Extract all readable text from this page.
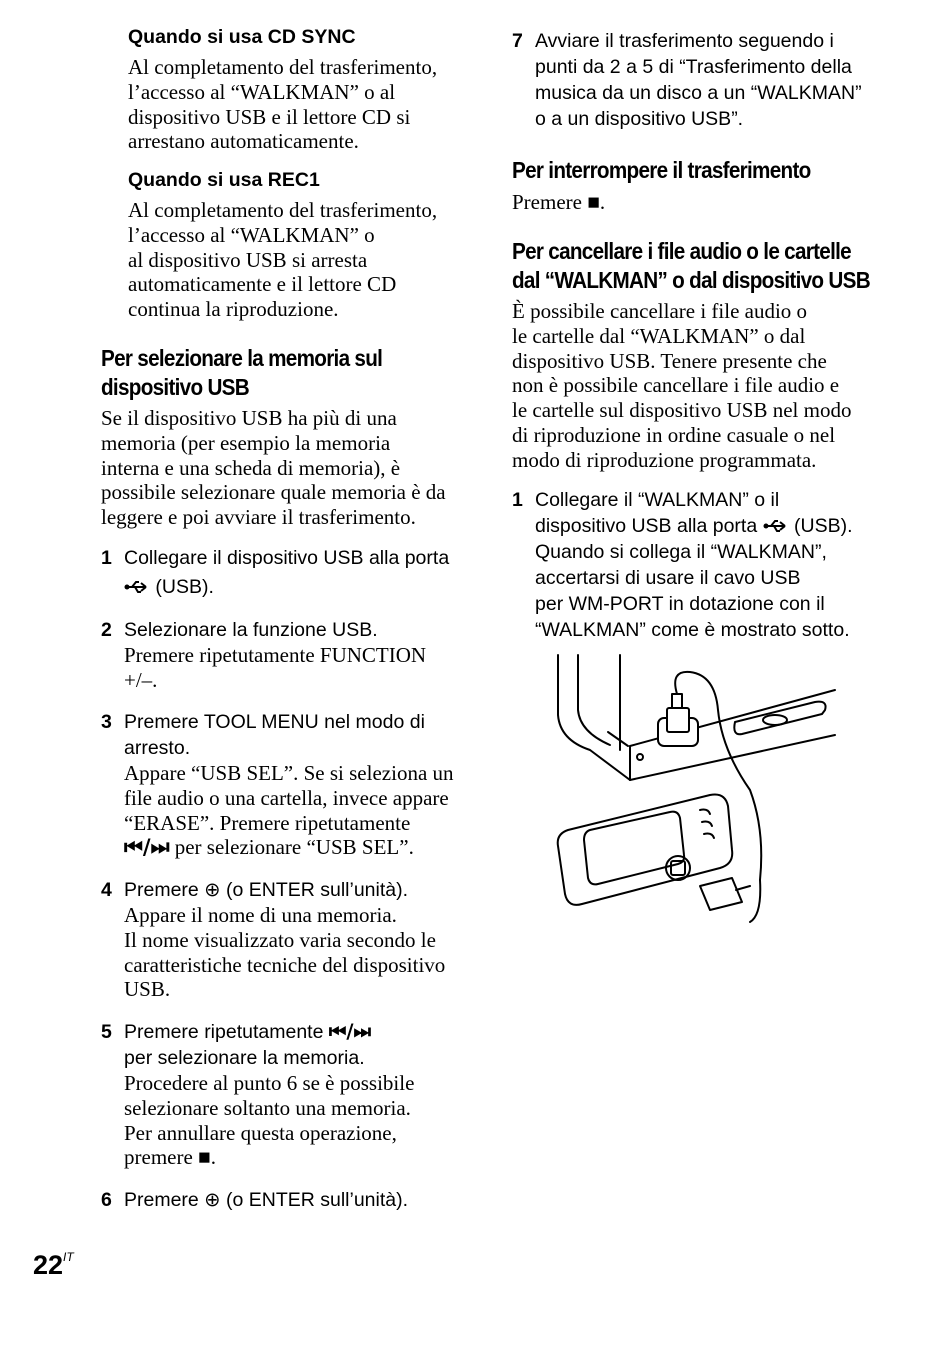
Quando si usa CD SYNC
Al completamento del trasferimento,
l’accesso al “WALKMAN” o al
dispositivo USB e il lettore CD si
arrestano automaticamente.
Quando si usa REC1
Al completamento del trasferimento,
l’accesso al “WALKMAN” o
al dispositivo USB si arresta
automaticamente e il lettore CD
continua la riproduzione.
Per selezionare la memoria sul
dispositivo USB
Se il dispositivo USB ha più di una
memoria (per esempio la memoria
interna e una scheda di memoria), è
possibile selezionare quale memoria è da
leggere e poi avviare il trasferimento.
1 Collegare il dispositivo USB alla porta
(USB).
2 Selezionare la funzione USB.
Premere ripetutamente FUNCTION
+/–.
3 Premere TOOL MENU nel modo di
arresto.
Appare “USB SEL”. Se si seleziona un
file audio o una cartella, invece appare
“ERASE”. Premere ripetutamente
⏮/⏭ per selezionare “USB SEL”.
4 Premere ⊕ (o ENTER sull’unità).
Appare il nome di una memoria.
Il nome visualizzato varia secondo le
caratteristiche tecniche del dispositivo
USB.
5 Premere ripetutamente ⏮/⏭
per selezionare la memoria.
Procedere al punto 6 se è possibile
selezionare soltanto una memoria.
Per annullare questa operazione,
premere ■.
6 Premere ⊕ (o ENTER sull’unità).
7 Avviare il trasferimento seguendo i
punti da 2 a 5 di “Trasferimento della
musica da un disco a un “WALKMAN”
o a un dispositivo USB”.
Per interrompere il trasferimento
Premere ■.
Per cancellare i file audio o le cartelle
dal “WALKMAN” o dal dispositivo USB
È possibile cancellare i file audio o
le cartelle dal “WALKMAN” o dal
dispositivo USB. Tenere presente che
non è possibile cancellare i file audio e
le cartelle sul dispositivo USB nel modo
di riproduzione in ordine casuale o nel
modo di riproduzione programmata.
1 Collegare il “WALKMAN” o il
dispositivo USB alla porta (USB).
Quando si collega il “WALKMAN”,
accertarsi di usare il cavo USB
per WM-PORT in dotazione con il
“WALKMAN” come è mostrato sotto.
$22^{IT}$
